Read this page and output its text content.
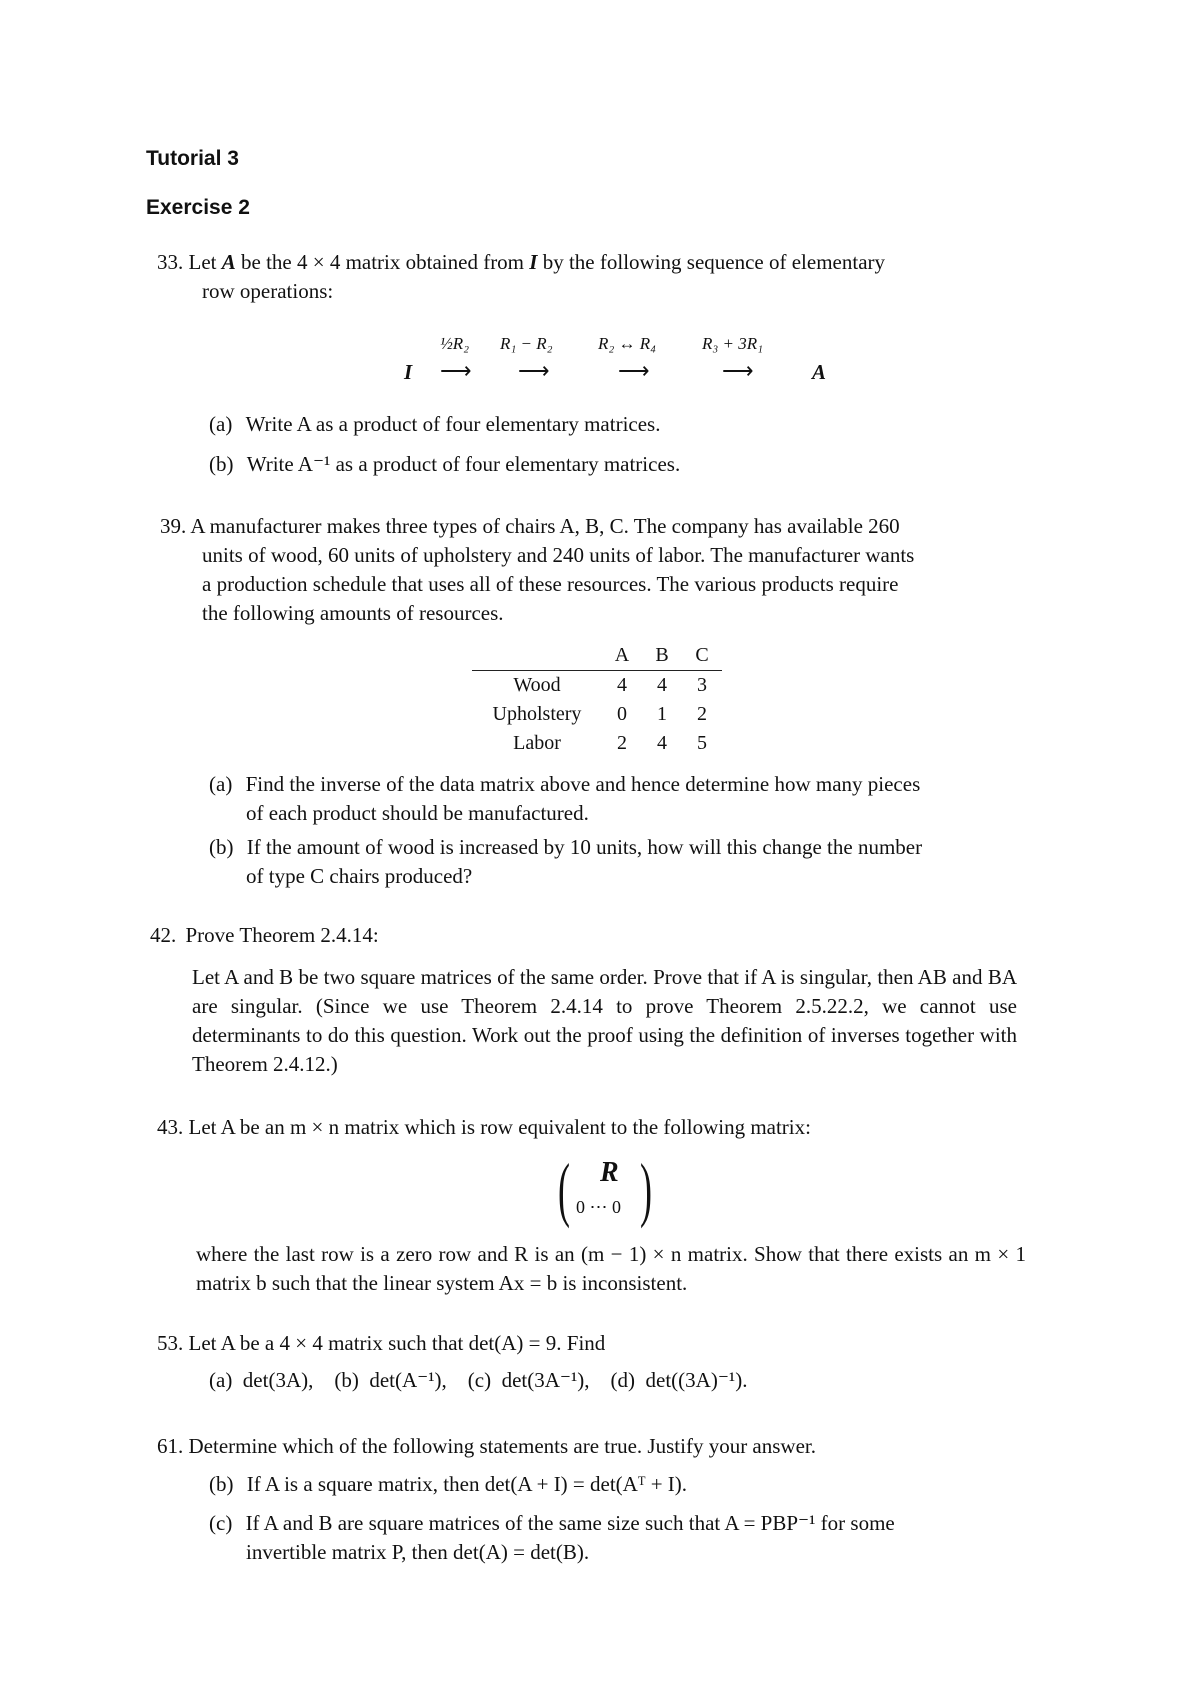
Tutorial 3
Exercise 2
33. Let A be the 4 × 4 matrix obtained from I by the following sequence of elementary
row operations:
½R₂ R₁ − R₂	R₂ ↔ R₄	R₃ + 3R₁
I ⟶ ⟶	⟶	⟶	A
(a) Write A as a product of four elementary matrices.
(b) Write A⁻¹ as a product of four elementary matrices.
39. A manufacturer makes three types of chairs A, B, C. The company has available 260
units of wood, 60 units of upholstery and 240 units of labor. The manufacturer wants
a production schedule that uses all of these resources. The various products require
the following amounts of resources.
	A	B	C
Wood	4	4	3
Upholstery	0	1	2
Labor	2	4	5
(a) Find the inverse of the data matrix above and hence determine how many pieces
of each product should be manufactured.
(b) If the amount of wood is increased by 10 units, how will this change the number
of type C chairs produced?
42. Prove Theorem 2.4.14:
Let A and B be two square matrices of the same order. Prove that if A is singular, then AB and BA are singular. (Since we use Theorem 2.4.14 to prove Theorem 2.5.22.2, we cannot use determinants to do this question. Work out the proof using the definition of inverses together with Theorem 2.4.12.)
43. Let A be an m × n matrix which is row equivalent to the following matrix:
( R
0 ⋯ 0 )
where the last row is a zero row and R is an (m − 1) × n matrix. Show that there exists an m × 1 matrix b such that the linear system Ax = b is inconsistent.
53. Let A be a 4 × 4 matrix such that det(A) = 9. Find
(a)  det(3A),    (b)  det(A⁻¹),    (c)  det(3A⁻¹),    (d)  det((3A)⁻¹).
61. Determine which of the following statements are true. Justify your answer.
(b) If A is a square matrix, then det(A + I) = det(Aᵀ + I).
(c) If A and B are square matrices of the same size such that A = PBP⁻¹ for some
invertible matrix P, then det(A) = det(B).
